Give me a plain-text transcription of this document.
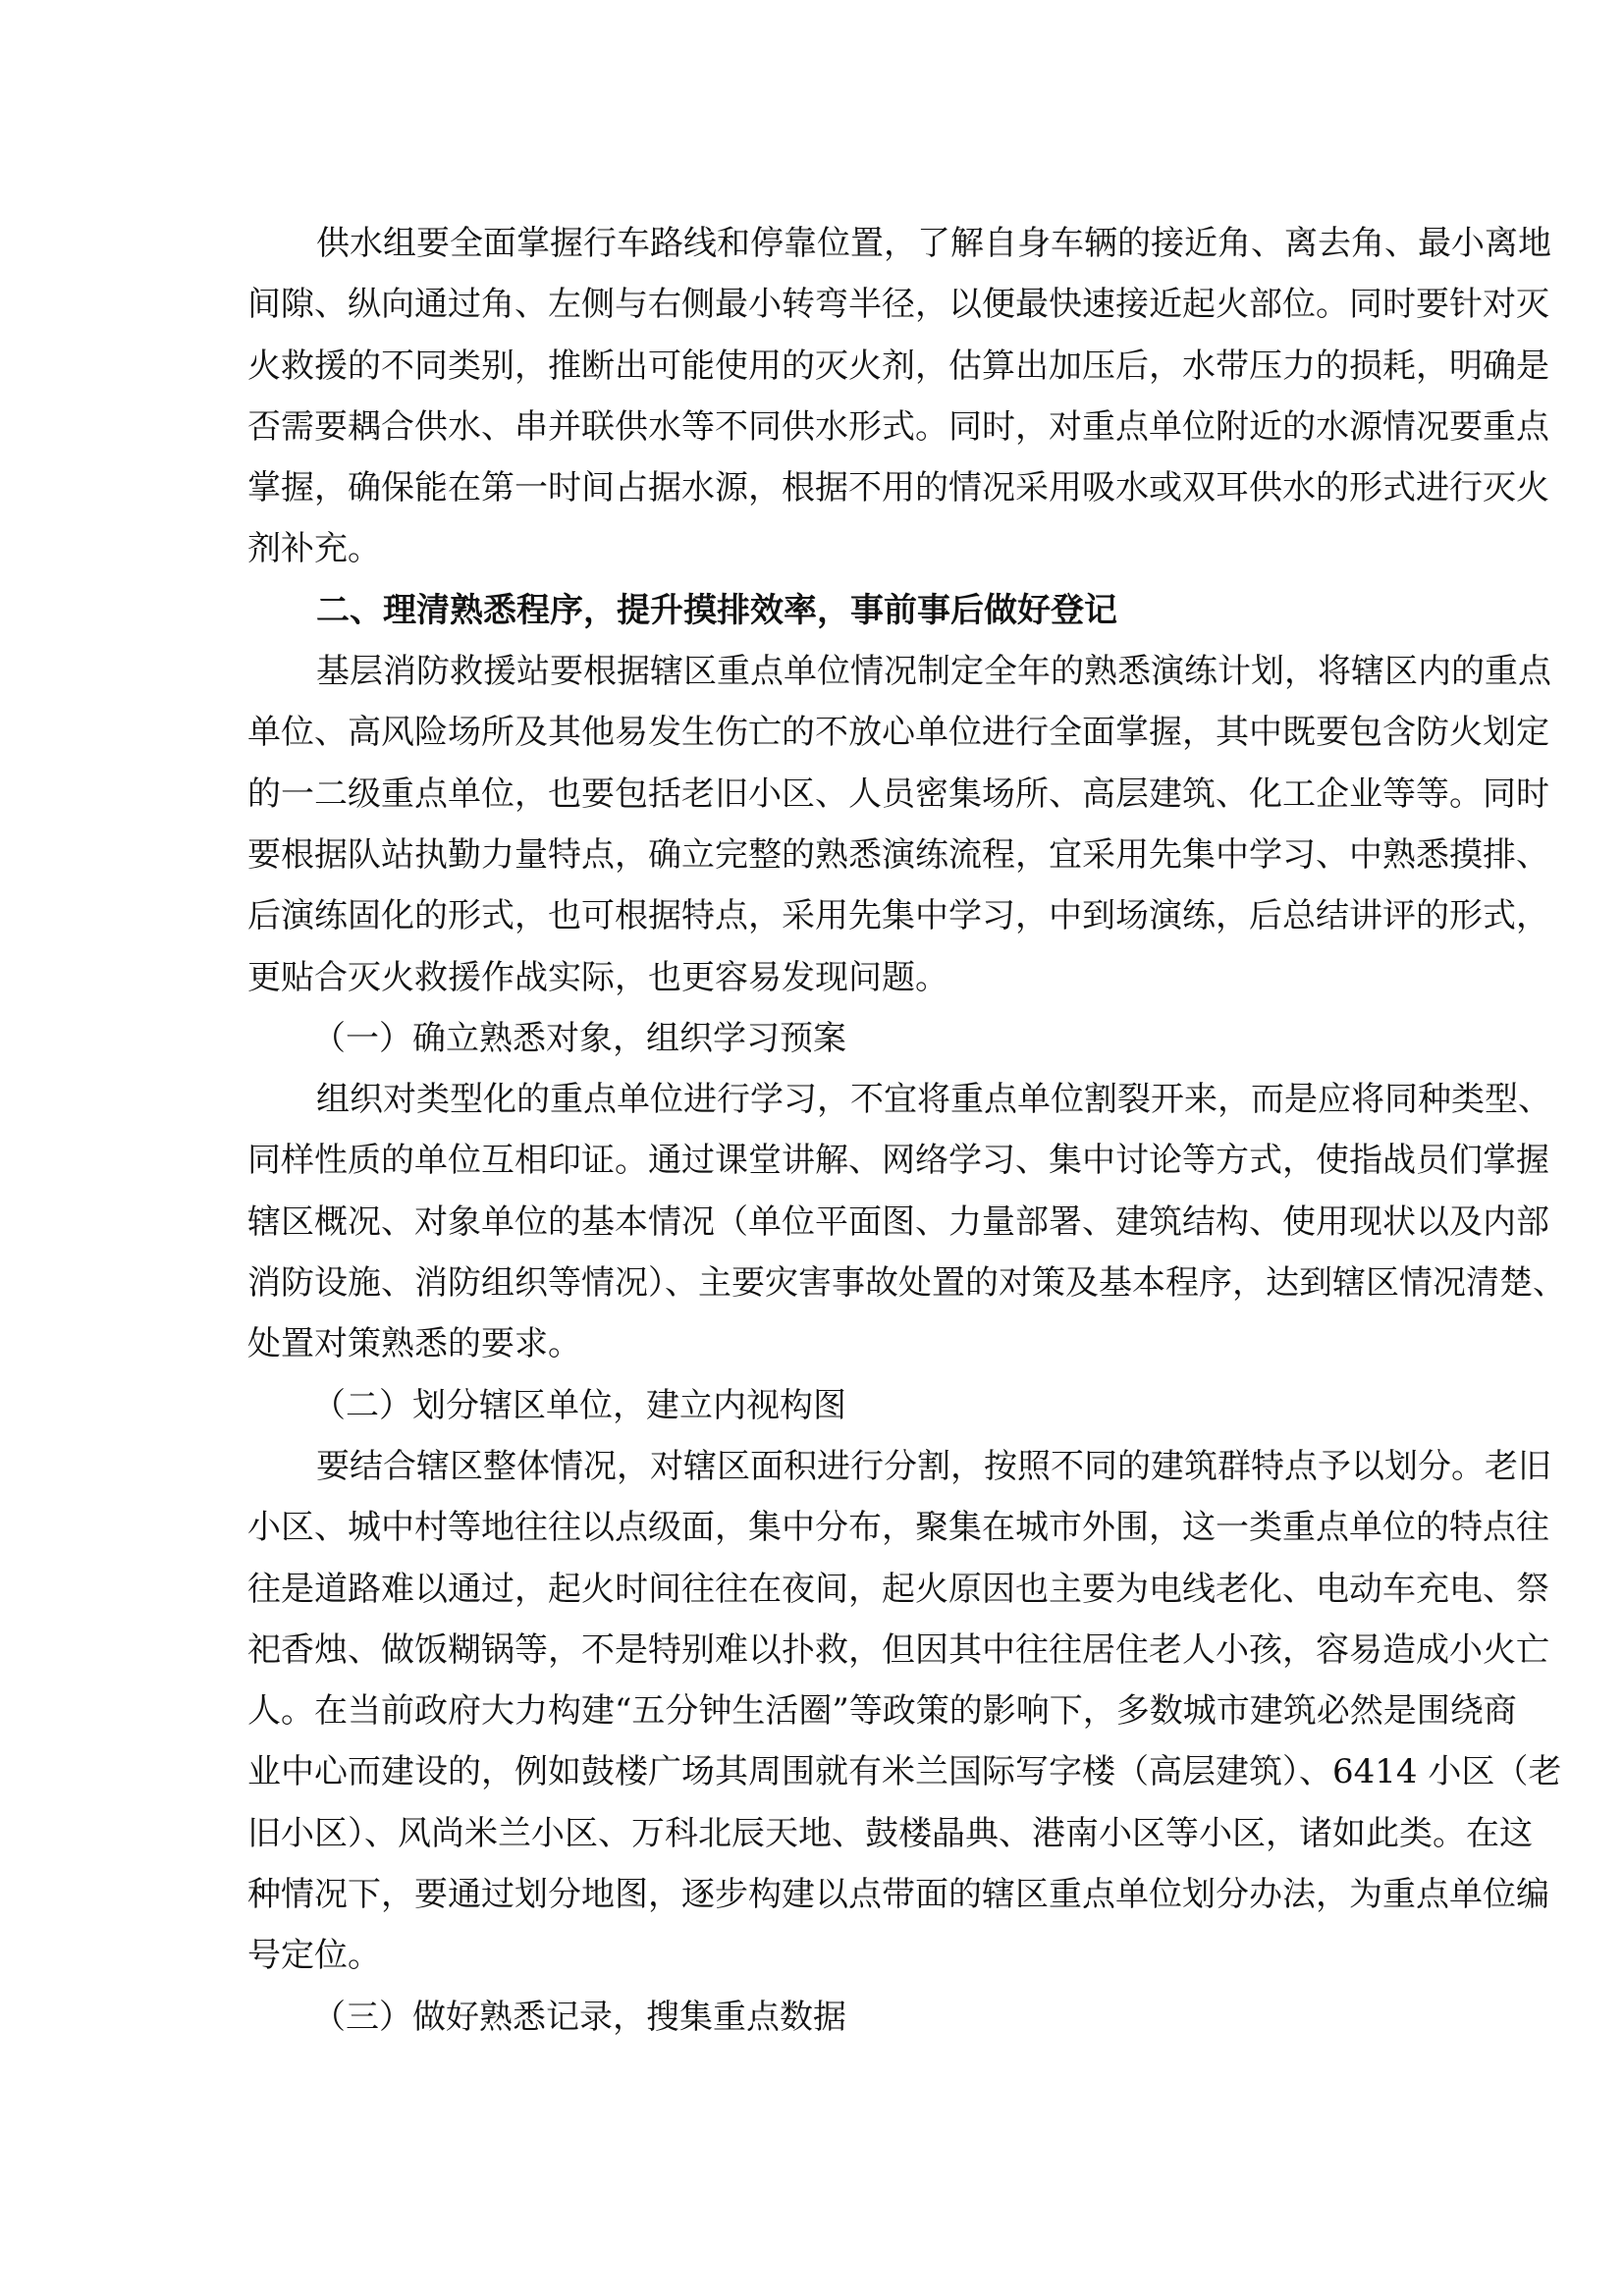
供水组要全面掌握行车路线和停靠位置，了解自身车辆的接近角、离去角、最小离地
间隙、纵向通过角、左侧与右侧最小转弯半径，以便最快速接近起火部位。同时要针对灭
火救援的不同类别，推断出可能使用的灭火剂，估算出加压后，水带压力的损耗，明确是
否需要耦合供水、串并联供水等不同供水形式。同时，对重点单位附近的水源情况要重点
掌握，确保能在第一时间占据水源，根据不用的情况采用吸水或双耳供水的形式进行灭火
剂补充。
二、理清熟悉程序，提升摸排效率，事前事后做好登记
基层消防救援站要根据辖区重点单位情况制定全年的熟悉演练计划，将辖区内的重点
单位、高风险场所及其他易发生伤亡的不放心单位进行全面掌握，其中既要包含防火划定
的一二级重点单位，也要包括老旧小区、人员密集场所、高层建筑、化工企业等等。同时
要根据队站执勤力量特点，确立完整的熟悉演练流程，宜采用先集中学习、中熟悉摸排、
后演练固化的形式，也可根据特点，采用先集中学习，中到场演练，后总结讲评的形式，
更贴合灭火救援作战实际，也更容易发现问题。
（一）确立熟悉对象，组织学习预案
组织对类型化的重点单位进行学习，不宜将重点单位割裂开来，而是应将同种类型、
同样性质的单位互相印证。通过课堂讲解、网络学习、集中讨论等方式，使指战员们掌握
辖区概况、对象单位的基本情况（单位平面图、力量部署、建筑结构、使用现状以及内部
消防设施、消防组织等情况）、主要灾害事故处置的对策及基本程序，达到辖区情况清楚、
处置对策熟悉的要求。
（二）划分辖区单位，建立内视构图
要结合辖区整体情况，对辖区面积进行分割，按照不同的建筑群特点予以划分。老旧
小区、城中村等地往往以点级面，集中分布，聚集在城市外围，这一类重点单位的特点往
往是道路难以通过，起火时间往往在夜间，起火原因也主要为电线老化、电动车充电、祭
祀香烛、做饭糊锅等，不是特别难以扑救，但因其中往往居住老人小孩，容易造成小火亡
人。在当前政府大力构建“五分钟生活圈”等政策的影响下，多数城市建筑必然是围绕商
业中心而建设的，例如鼓楼广场其周围就有米兰国际写字楼（高层建筑）、6414 小区（老
旧小区）、风尚米兰小区、万科北辰天地、鼓楼晶典、港南小区等小区，诸如此类。在这
种情况下，要通过划分地图，逐步构建以点带面的辖区重点单位划分办法，为重点单位编
号定位。
（三）做好熟悉记录，搜集重点数据
